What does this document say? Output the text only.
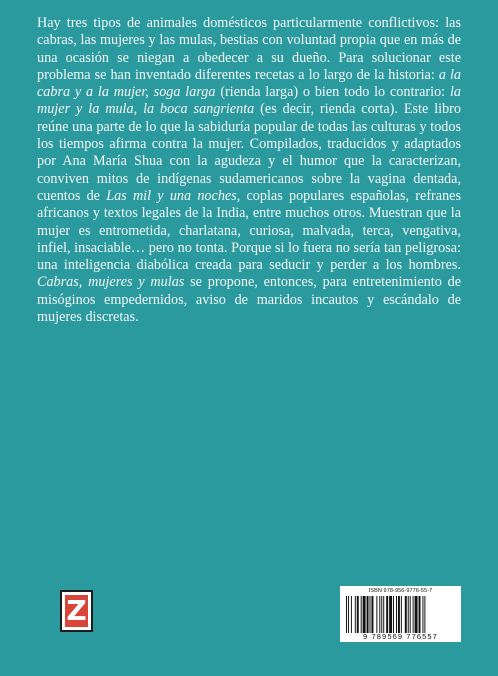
Hay tres tipos de animales domésticos particularmente conflictivos: las cabras, las mujeres y las mulas, bestias con voluntad propia que en más de una ocasión se niegan a obedecer a su dueño. Para solucionar este problema se han inventado diferentes recetas a lo largo de la historia: a la cabra y a la mujer, soga larga (rienda larga) o bien todo lo contrario: la mujer y la mula, la boca sangrienta (es decir, rienda corta). Este libro reúne una parte de lo que la sabiduría popular de todas las culturas y todos los tiempos afirma contra la mujer. Compilados, traducidos y adaptados por Ana María Shua con la agudeza y el humor que la caracterizan, conviven mitos de indígenas sudamericanos sobre la vagina dentada, cuentos de Las mil y una noches, coplas populares españolas, refranes africanos y textos legales de la India, entre muchos otros. Muestran que la mujer es entrometida, charlatana, curiosa, malvada, terca, vengativa, infiel, insaciable… pero no tonta. Porque si lo fuera no sería tan peligrosa: una inteligencia diabólica creada para seducir y perder a los hombres. Cabras, mujeres y mulas se propone, entonces, para entretenimiento de misóginos empedernidos, aviso de maridos incautos y escándalo de mujeres discretas.

Z
ISBN 978-956-9776-55-7
9 789569 776557
